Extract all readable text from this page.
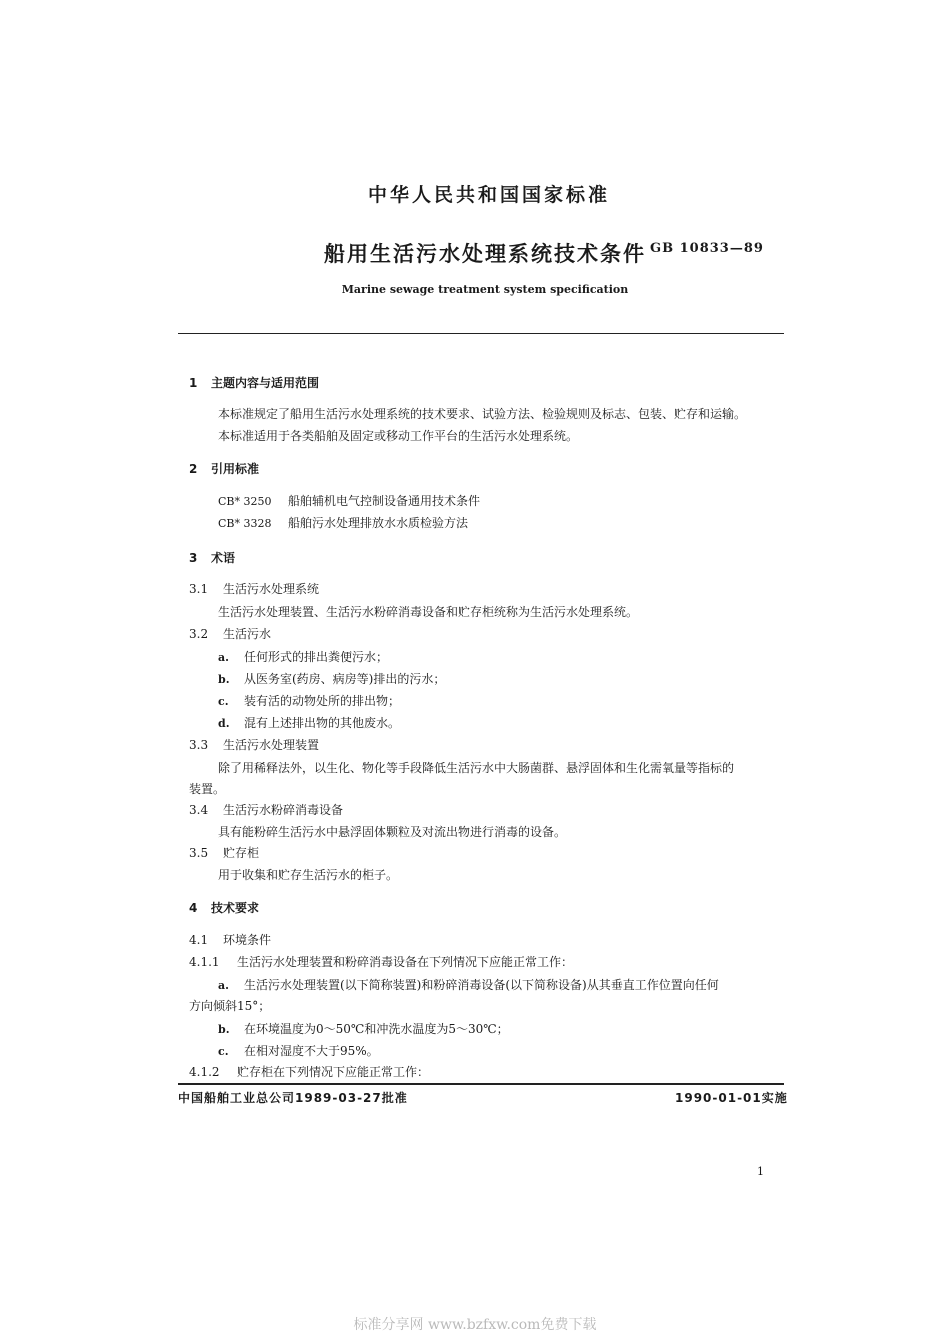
中华人民共和国国家标准
船用生活污水处理系统技术条件 GB 10833—89
Marine sewage treatment system specification
1 主题内容与适用范围
本标准规定了船用生活污水处理系统的技术要求、试验方法、检验规则及标志、包装、贮存和运输。
本标准适用于各类船舶及固定或移动工作平台的生活污水处理系统。
2 引用标准
CB* 3250 船舶辅机电气控制设备通用技术条件
CB* 3328 船舶污水处理排放水水质检验方法
3 术语
3.1 生活污水处理系统
生活污水处理装置、生活污水粉碎消毒设备和贮存柜统称为生活污水处理系统。
3.2 生活污水
a. 任何形式的排出粪便污水；
b. 从医务室(药房、病房等)排出的污水；
c. 装有活的动物处所的排出物；
d. 混有上述排出物的其他废水。
3.3 生活污水处理装置
除了用稀释法外，以生化、物化等手段降低生活污水中大肠菌群、悬浮固体和生化需氧量等指标的
装置。
3.4 生活污水粉碎消毒设备
具有能粉碎生活污水中悬浮固体颗粒及对流出物进行消毒的设备。
3.5 贮存柜
用于收集和贮存生活污水的柜子。
4 技术要求
4.1 环境条件
4.1.1 生活污水处理装置和粉碎消毒设备在下列情况下应能正常工作：
a. 生活污水处理装置(以下简称装置)和粉碎消毒设备(以下简称设备)从其垂直工作位置向任何
方向倾斜15°；
b. 在环境温度为0～50℃和冲洗水温度为5～30℃；
c. 在相对湿度不大于95%。
4.1.2 贮存柜在下列情况下应能正常工作：
中国船舶工业总公司1989-03-27批准	1990-01-01实施
1
标准分享网 www.bzfxw.com免费下载
